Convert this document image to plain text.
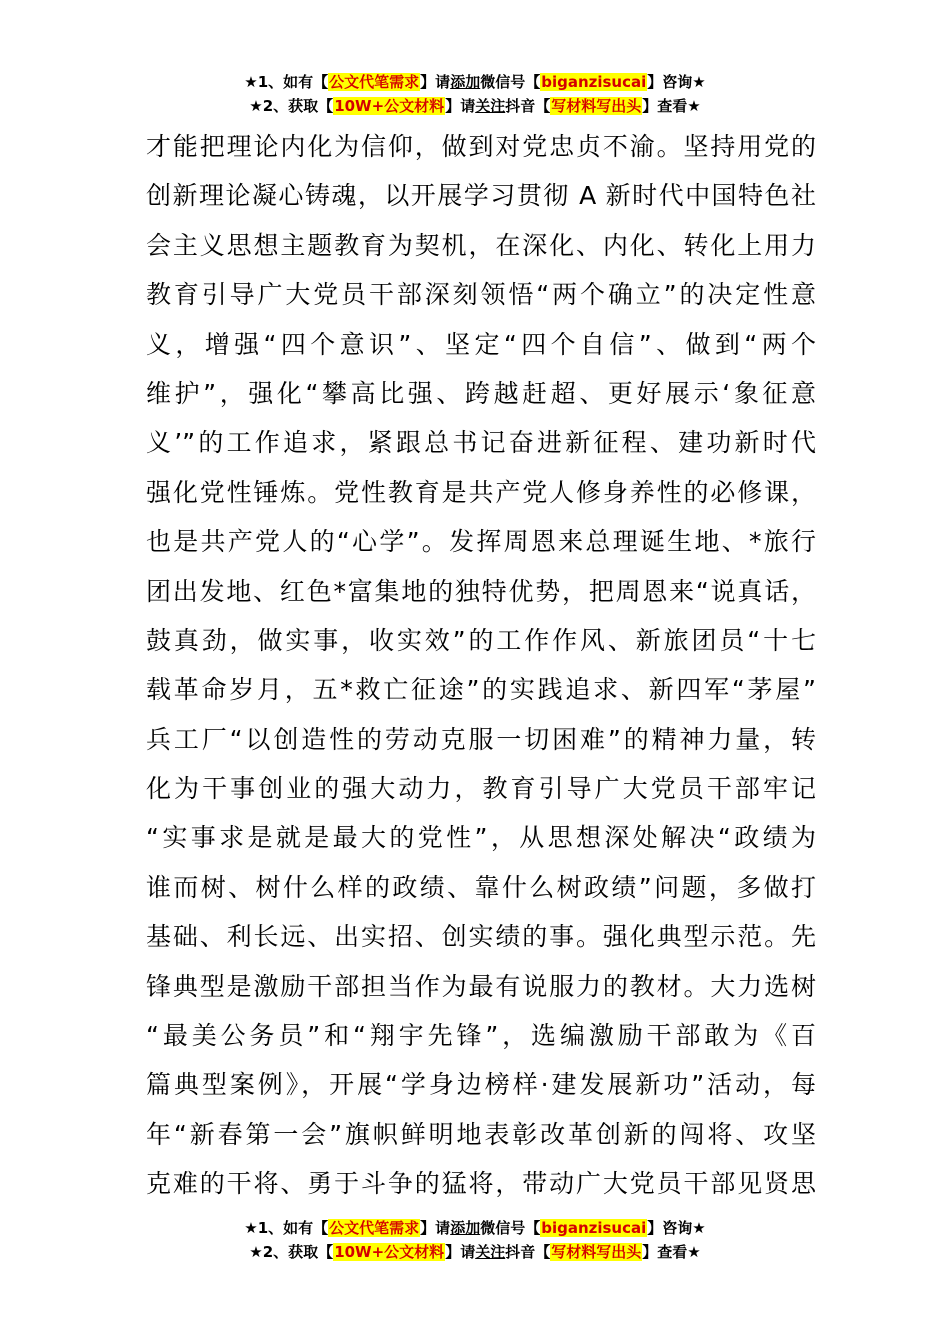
★1、如有【公文代笔需求】请添加微信号【biganzisucai】咨询★
★2、获取【10W+公文材料】请关注抖音【写材料写出头】查看★
才能把理论内化为信仰，做到对党忠贞不渝。坚持用党的
创新理论凝心铸魂，以开展学习贯彻 A 新时代中国特色社
会主义思想主题教育为契机，在深化、内化、转化上用力
教育引导广大党员干部深刻领悟“两个确立”的决定性意
义，增强“四个意识”、坚定“四个自信”、做到“两个
维护”，强化“攀高比强、跨越赶超、更好展示‘象征意
义’”的工作追求，紧跟总书记奋进新征程、建功新时代
强化党性锤炼。党性教育是共产党人修身养性的必修课，
也是共产党人的“心学”。发挥周恩来总理诞生地、*旅行
团出发地、红色*富集地的独特优势，把周恩来“说真话，
鼓真劲，做实事，收实效”的工作作风、新旅团员“十七
载革命岁月，五*救亡征途”的实践追求、新四军“茅屋”
兵工厂“以创造性的劳动克服一切困难”的精神力量，转
化为干事创业的强大动力，教育引导广大党员干部牢记
“实事求是就是最大的党性”，从思想深处解决“政绩为
谁而树、树什么样的政绩、靠什么树政绩”问题，多做打
基础、利长远、出实招、创实绩的事。强化典型示范。先
锋典型是激励干部担当作为最有说服力的教材。大力选树
“最美公务员”和“翔宇先锋”，选编激励干部敢为《百
篇典型案例》，开展“学身边榜样·建发展新功”活动，每
年“新春第一会”旗帜鲜明地表彰改革创新的闯将、攻坚
克难的干将、勇于斗争的猛将，带动广大党员干部见贤思
★1、如有【公文代笔需求】请添加微信号【biganzisucai】咨询★
★2、获取【10W+公文材料】请关注抖音【写材料写出头】查看★
